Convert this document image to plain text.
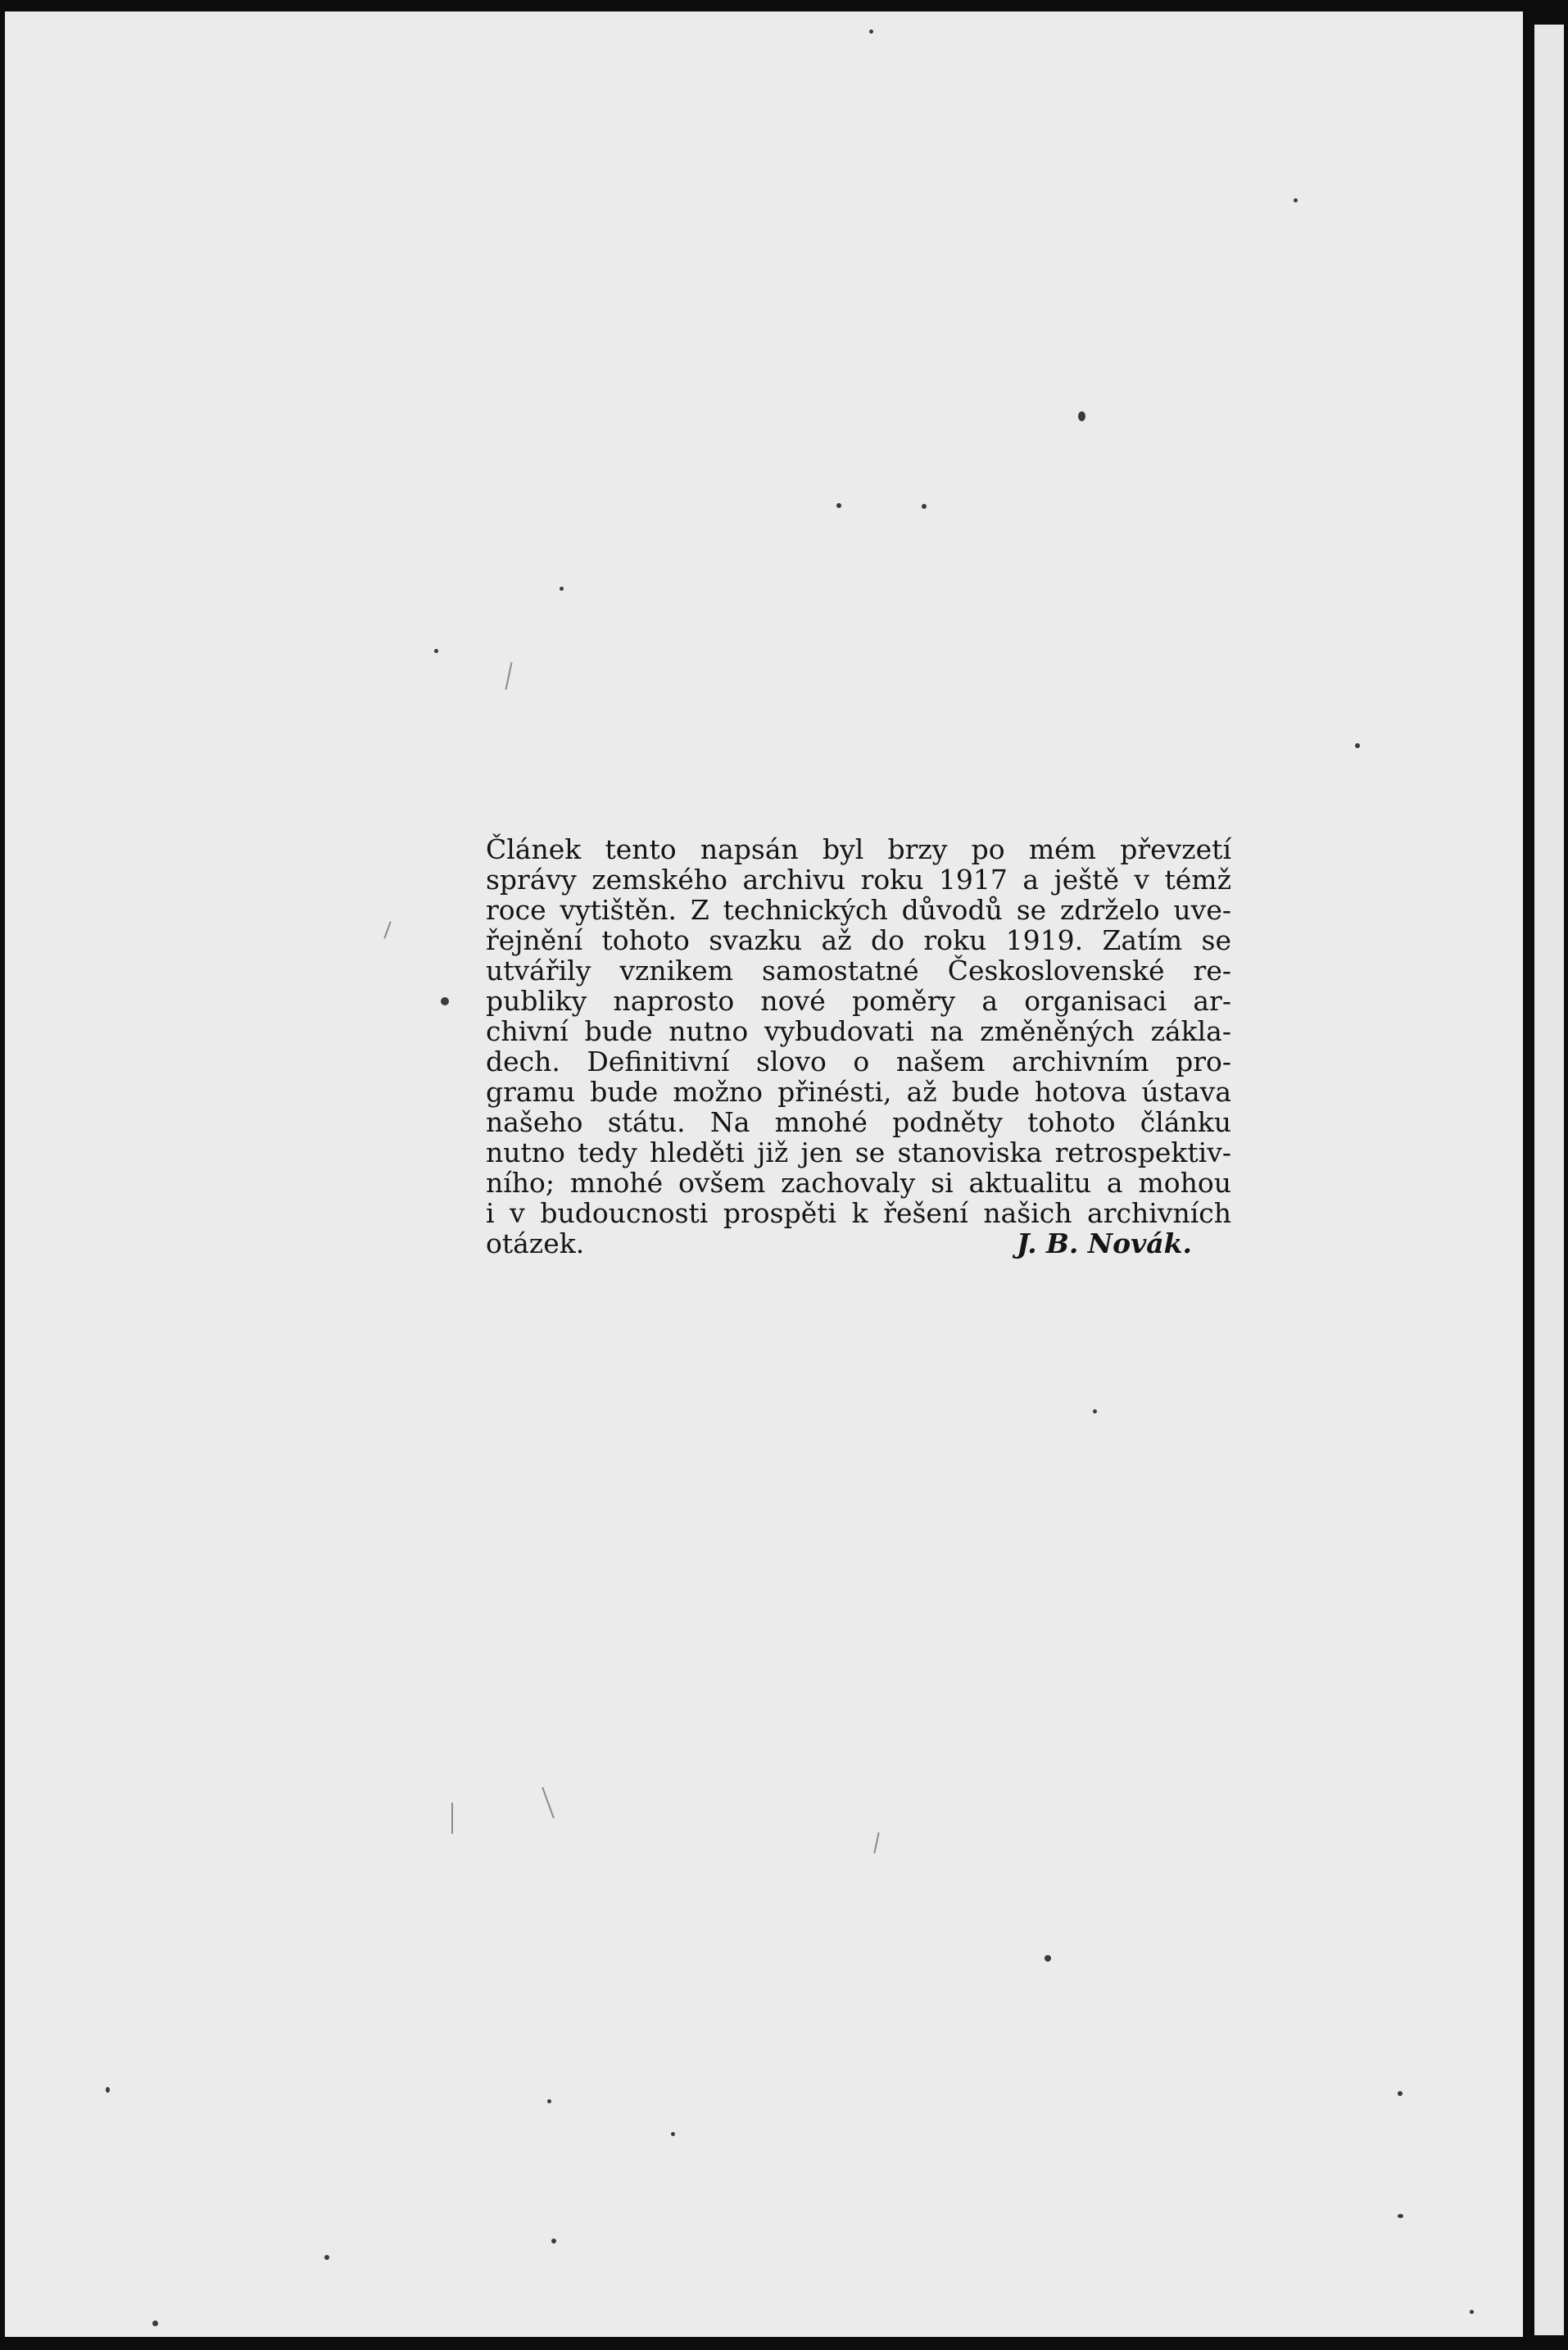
Článek tento napsán byl brzy po mém převzetí
správy zemského archivu roku 1917 a ještě v témž
roce vytištěn. Z technických důvodů se zdrželo uve-
řejnění tohoto svazku až do roku 1919. Zatím se
utvářily vznikem samostatné Československé re-
publiky naprosto nové poměry a organisaci ar-
chivní bude nutno vybudovati na změněných zákla-
dech. Definitivní slovo o našem archivním pro-
gramu bude možno přinésti, až bude hotova ústava
našeho státu. Na mnohé podněty tohoto článku
nutno tedy hleděti již jen se stanoviska retrospektiv-
ního; mnohé ovšem zachovaly si aktualitu a mohou
i v budoucnosti prospěti k řešení našich archivních
otázek.	J. B. Novák.
